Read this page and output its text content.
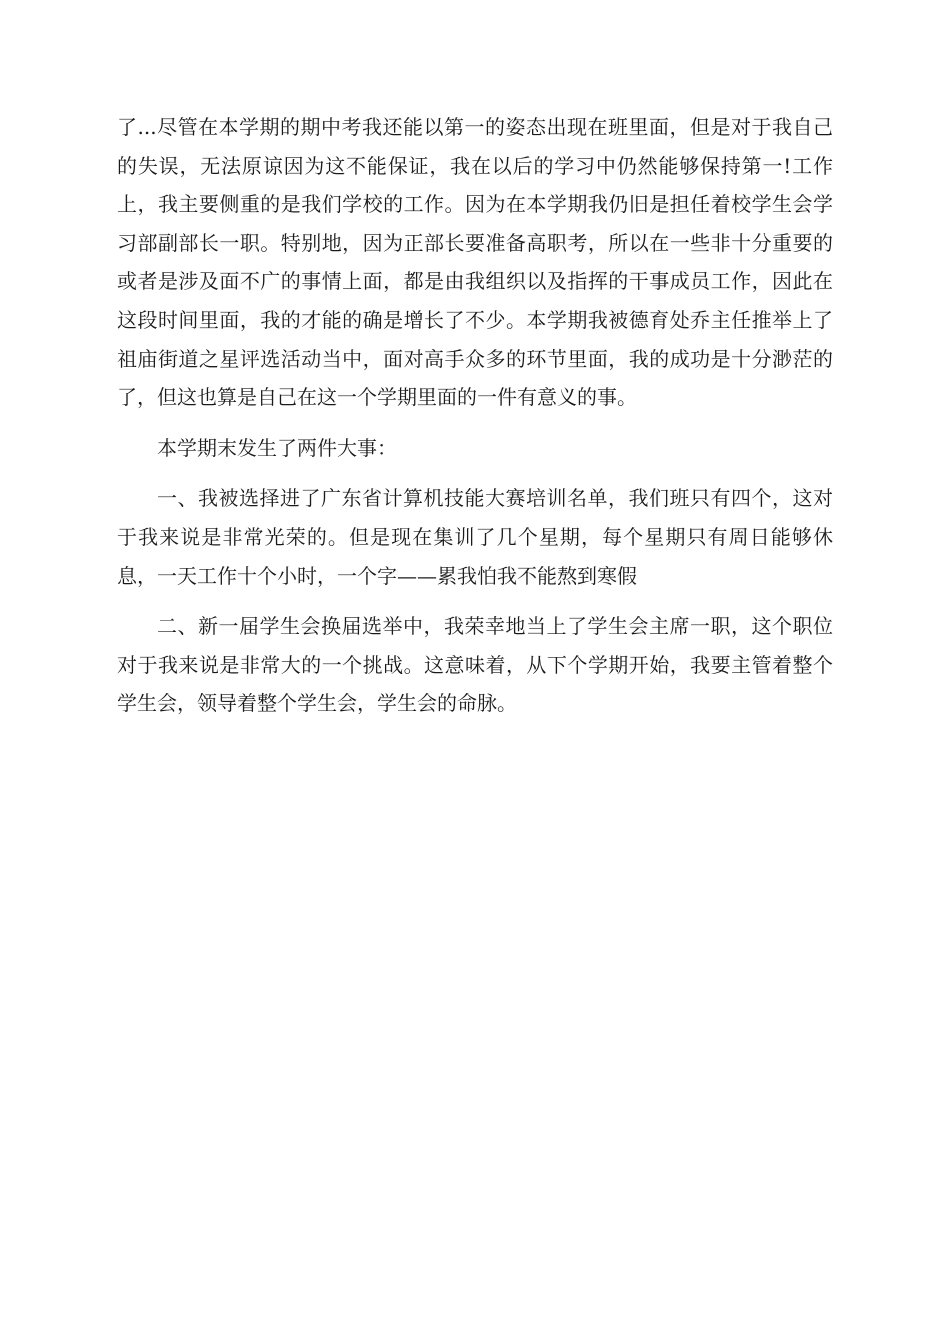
了...尽管在本学期的期中考我还能以第一的姿态出现在班里面，但是对于我自己的失误，无法原谅因为这不能保证，我在以后的学习中仍然能够保持第一!工作上，我主要侧重的是我们学校的工作。因为在本学期我仍旧是担任着校学生会学习部副部长一职。特别地，因为正部长要准备高职考，所以在一些非十分重要的或者是涉及面不广的事情上面，都是由我组织以及指挥的干事成员工作，因此在这段时间里面，我的才能的确是增长了不少。本学期我被德育处乔主任推举上了祖庙街道之星评选活动当中，面对高手众多的环节里面，我的成功是十分渺茫的了，但这也算是自己在这一个学期里面的一件有意义的事。

本学期末发生了两件大事：

一、我被选择进了广东省计算机技能大赛培训名单，我们班只有四个，这对于我来说是非常光荣的。但是现在集训了几个星期，每个星期只有周日能够休息，一天工作十个小时，一个字——累我怕我不能熬到寒假

二、新一届学生会换届选举中，我荣幸地当上了学生会主席一职，这个职位对于我来说是非常大的一个挑战。这意味着，从下个学期开始，我要主管着整个学生会，领导着整个学生会，学生会的命脉。
